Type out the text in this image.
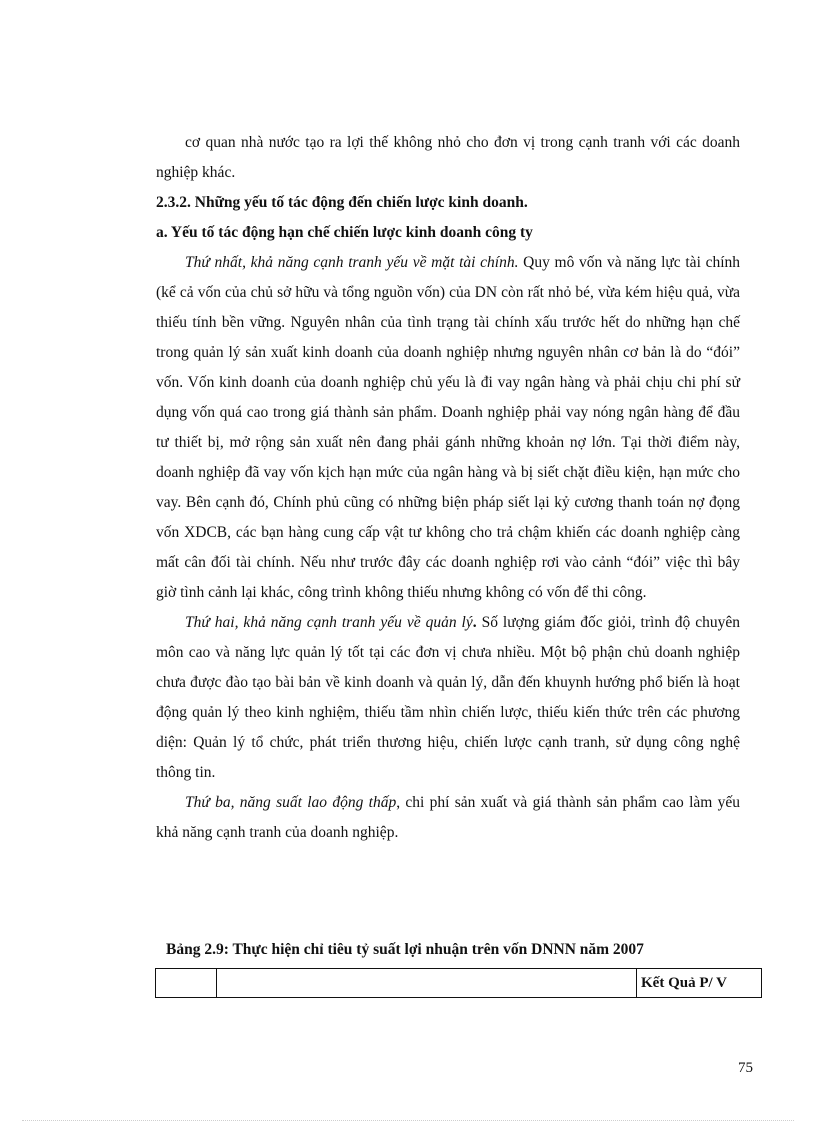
cơ quan nhà nước tạo ra lợi thế không nhỏ cho đơn vị trong cạnh tranh với các doanh nghiệp khác.

2.3.2. Những yếu tố tác động đến chiến lược kinh doanh.

a. Yếu tố tác động hạn chế chiến lược kinh doanh công ty

Thứ nhất, khả năng cạnh tranh yếu về mặt tài chính. Quy mô vốn và năng lực tài chính (kể cả vốn của chủ sở hữu và tổng nguồn vốn) của DN còn rất nhỏ bé, vừa kém hiệu quả, vừa thiếu tính bền vững. Nguyên nhân của tình trạng tài chính xấu trước hết do những hạn chế trong quản lý sản xuất kinh doanh của doanh nghiệp nhưng nguyên nhân cơ bản là do “đói” vốn. Vốn kinh doanh của doanh nghiệp chủ yếu là đi vay ngân hàng và phải chịu chi phí sử dụng vốn quá cao trong giá thành sản phẩm. Doanh nghiệp phải vay nóng ngân hàng để đầu tư thiết bị, mở rộng sản xuất nên đang phải gánh những khoản nợ lớn. Tại thời điểm này, doanh nghiệp đã vay vốn kịch hạn mức của ngân hàng và bị siết chặt điều kiện, hạn mức cho vay. Bên cạnh đó, Chính phủ cũng có những biện pháp siết lại kỷ cương thanh toán nợ đọng vốn XDCB, các bạn hàng cung cấp vật tư không cho trả chậm khiến các doanh nghiệp càng mất cân đối tài chính. Nếu như trước đây các doanh nghiệp rơi vào cảnh “đói” việc thì bây giờ tình cảnh lại khác, công trình không thiếu nhưng không có vốn để thi công.

Thứ hai, khả năng cạnh tranh yếu về quản lý. Số lượng giám đốc giỏi, trình độ chuyên môn cao và năng lực quản lý tốt tại các đơn vị chưa nhiều. Một bộ phận chủ doanh nghiệp chưa được đào tạo bài bản về kinh doanh và quản lý, dẫn đến khuynh hướng phổ biến là hoạt động quản lý theo kinh nghiệm, thiếu tầm nhìn chiến lược, thiếu kiến thức trên các phương diện: Quản lý tổ chức, phát triển thương hiệu, chiến lược cạnh tranh, sử dụng công nghệ thông tin.

Thứ ba, năng suất lao động thấp, chi phí sản xuất và giá thành sản phẩm cao làm yếu khả năng cạnh tranh của doanh nghiệp.

Bảng 2.9: Thực hiện chỉ tiêu tỷ suất lợi nhuận trên vốn DNNN năm 2007
		Kết Quả P/ V
75
